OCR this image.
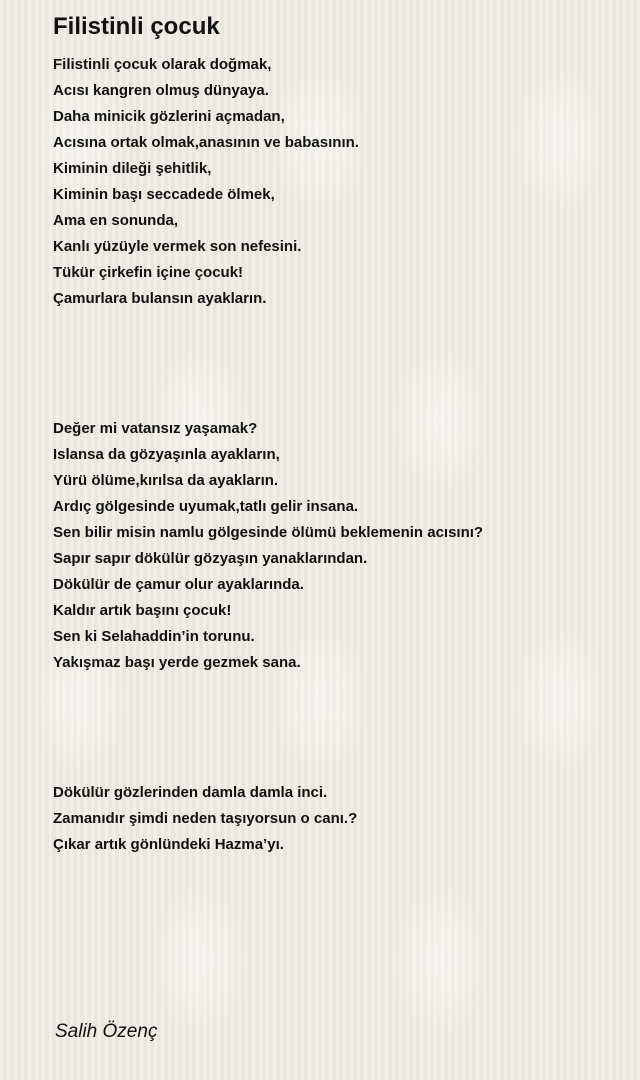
Filistinli çocuk
Filistinli çocuk olarak doğmak,
Acısı kangren olmuş dünyaya.
Daha minicik gözlerini açmadan,
Acısına ortak olmak,anasının ve babasının.
Kiminin dileği şehitlik,
Kiminin başı seccadede ölmek,
Ama en sonunda,
Kanlı yüzüyle vermek son nefesini.
Tükür çirkefin içine çocuk!
Çamurlara bulansın ayakların.
Değer mi vatansız yaşamak?
Islansa da gözyaşınla ayakların,
Yürü ölüme,kırılsa da ayakların.
Ardıç gölgesinde uyumak,tatlı gelir insana.
Sen bilir misin namlu gölgesinde ölümü beklemenin acısını?
Sapır sapır dökülür gözyaşın yanaklarından.
Dökülür de çamur olur ayaklarında.
Kaldır artık başını çocuk!
Sen ki Selahaddin’in torunu.
Yakışmaz başı yerde gezmek sana.
Dökülür gözlerinden damla damla inci.
Zamanıdır şimdi neden taşıyorsun o canı.?
Çıkar artık gönlündeki Hazma’yı.
Salih Özenç
